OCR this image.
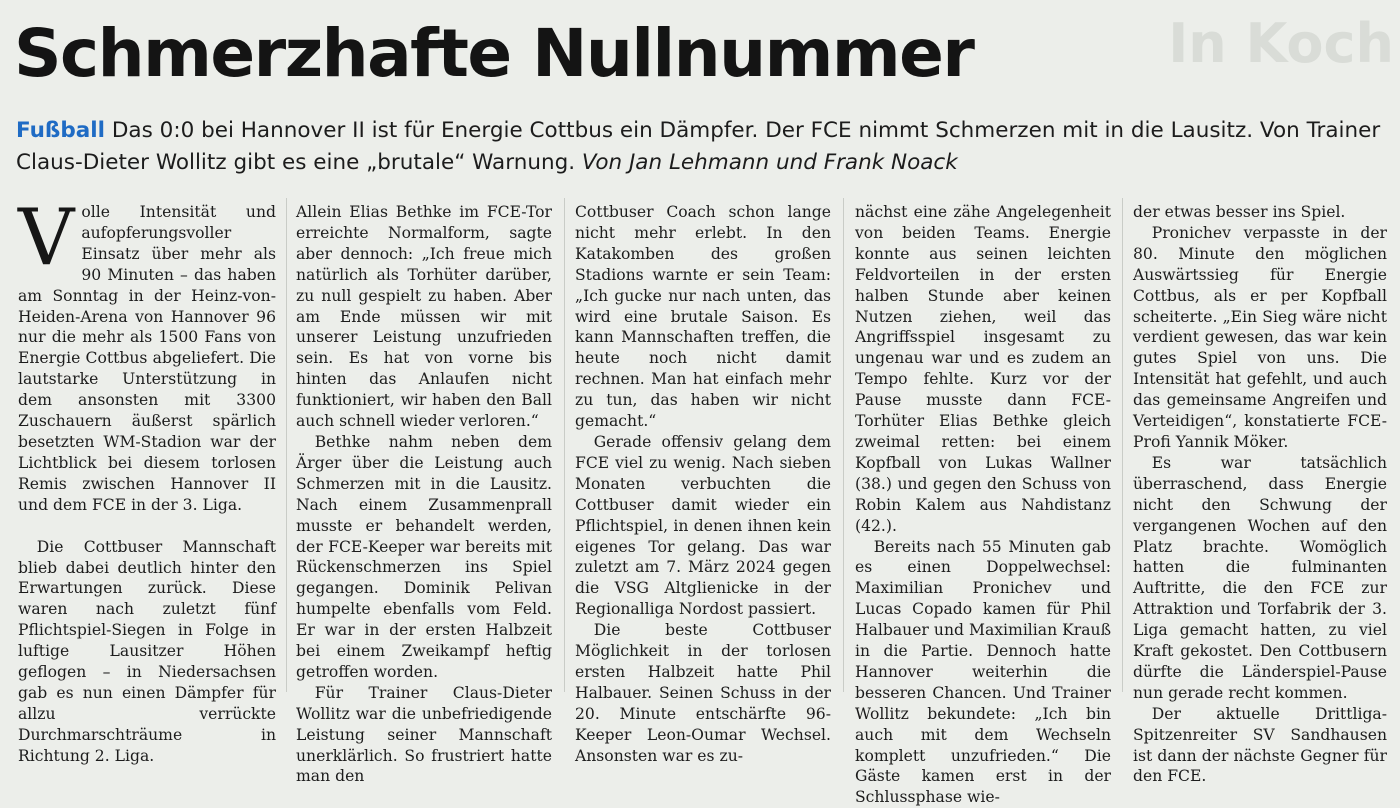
In Koch
Schmerzhafte Nullnummer
Fußball Das 0:0 bei Hannover II ist für Energie Cottbus ein Dämpfer. Der FCE nimmt Schmerzen mit in die Lausitz. Von Trainer Claus-Dieter Wollitz gibt es eine „brutale“ Warnung. Von Jan Lehmann und Frank Noack

Volle Intensität und aufopferungsvoller Einsatz über mehr als 90 Minuten – das haben am Sonntag in der Heinz-von-Heiden-Arena von Hannover 96 nur die mehr als 1500 Fans von Energie Cottbus abgeliefert. Die lautstarke Unterstützung in dem ansonsten mit 3300 Zuschauern äußerst spärlich besetzten WM-Stadion war der Lichtblick bei diesem torlosen Remis zwischen Hannover II und dem FCE in der 3. Liga.

Die Cottbuser Mannschaft blieb dabei deutlich hinter den Erwartungen zurück. Diese waren nach zuletzt fünf Pflichtspiel-Siegen in Folge in luftige Lausitzer Höhen geflogen – in Niedersachsen gab es nun einen Dämpfer für allzu verrückte Durchmarschträume in Richtung 2. Liga.

Allein Elias Bethke im FCE-Tor erreichte Normalform, sagte aber dennoch: „Ich freue mich natürlich als Torhüter darüber, zu null gespielt zu haben. Aber am Ende müssen wir mit unserer Leistung unzufrieden sein. Es hat von vorne bis hinten das Anlaufen nicht funktioniert, wir haben den Ball auch schnell wieder verloren.“

Bethke nahm neben dem Ärger über die Leistung auch Schmerzen mit in die Lausitz. Nach einem Zusammenprall musste er behandelt werden, der FCE-Keeper war bereits mit Rückenschmerzen ins Spiel gegangen. Dominik Pelivan humpelte ebenfalls vom Feld. Er war in der ersten Halbzeit bei einem Zweikampf heftig getroffen worden.

Für Trainer Claus-Dieter Wollitz war die unbefriedigende Leistung seiner Mannschaft unerklärlich. So frustriert hatte man den

Cottbuser Coach schon lange nicht mehr erlebt. In den Katakomben des großen Stadions warnte er sein Team: „Ich gucke nur nach unten, das wird eine brutale Saison. Es kann Mannschaften treffen, die heute noch nicht damit rechnen. Man hat einfach mehr zu tun, das haben wir nicht gemacht.“

Gerade offensiv gelang dem FCE viel zu wenig. Nach sieben Monaten verbuchten die Cottbuser damit wieder ein Pflichtspiel, in denen ihnen kein eigenes Tor gelang. Das war zuletzt am 7. März 2024 gegen die VSG Altglienicke in der Regionalliga Nordost passiert.

Die beste Cottbuser Möglichkeit in der torlosen ersten Halbzeit hatte Phil Halbauer. Seinen Schuss in der 20. Minute entschärfte 96-Keeper Leon-Oumar Wechsel. Ansonsten war es zu-

nächst eine zähe Angelegenheit von beiden Teams. Energie konnte aus seinen leichten Feldvorteilen in der ersten halben Stunde aber keinen Nutzen ziehen, weil das Angriffsspiel insgesamt zu ungenau war und es zudem an Tempo fehlte. Kurz vor der Pause musste dann FCE-Torhüter Elias Bethke gleich zweimal retten: bei einem Kopfball von Lukas Wallner (38.) und gegen den Schuss von Robin Kalem aus Nahdistanz (42.).

Bereits nach 55 Minuten gab es einen Doppelwechsel: Maximilian Pronichev und Lucas Copado kamen für Phil Halbauer und Maximilian Krauß in die Partie. Dennoch hatte Hannover weiterhin die besseren Chancen. Und Trainer Wollitz bekundete: „Ich bin auch mit dem Wechseln komplett unzufrieden.“ Die Gäste kamen erst in der Schlussphase wie-

der etwas besser ins Spiel.

Pronichev verpasste in der 80. Minute den möglichen Auswärtssieg für Energie Cottbus, als er per Kopfball scheiterte. „Ein Sieg wäre nicht verdient gewesen, das war kein gutes Spiel von uns. Die Intensität hat gefehlt, und auch das gemeinsame Angreifen und Verteidigen“, konstatierte FCE-Profi Yannik Möker.

Es war tatsächlich überraschend, dass Energie nicht den Schwung der vergangenen Wochen auf den Platz brachte. Womöglich hatten die fulminanten Auftritte, die den FCE zur Attraktion und Torfabrik der 3. Liga gemacht hatten, zu viel Kraft gekostet. Den Cottbusern dürfte die Länderspiel-Pause nun gerade recht kommen.

Der aktuelle Drittliga-Spitzenreiter SV Sandhausen ist dann der nächste Gegner für den FCE.
